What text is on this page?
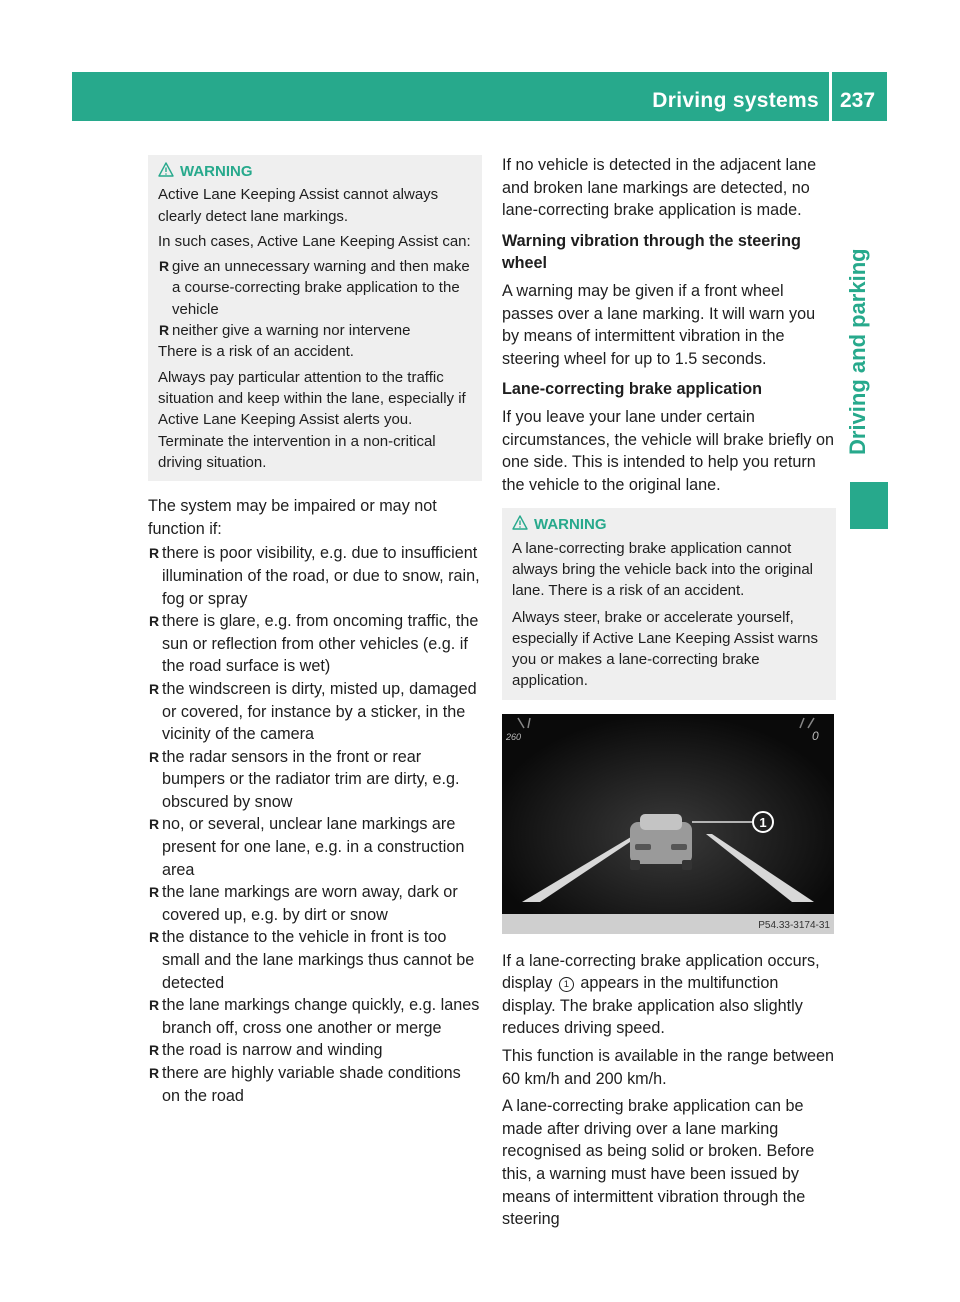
Driving systems 237
Driving and parking
WARNING

Active Lane Keeping Assist cannot always clearly detect lane markings.

In such cases, Active Lane Keeping Assist can:

R give an unnecessary warning and then make a course-correcting brake application to the vehicle
R neither give a warning nor intervene

There is a risk of an accident.

Always pay particular attention to the traffic situation and keep within the lane, especially if Active Lane Keeping Assist alerts you. Terminate the intervention in a non-critical driving situation.

The system may be impaired or may not function if:

R there is poor visibility, e.g. due to insufficient illumination of the road, or due to snow, rain, fog or spray
R there is glare, e.g. from oncoming traffic, the sun or reflection from other vehicles (e.g. if the road surface is wet)
R the windscreen is dirty, misted up, damaged or covered, for instance by a sticker, in the vicinity of the camera
R the radar sensors in the front or rear bumpers or the radiator trim are dirty, e.g. obscured by snow
R no, or several, unclear lane markings are present for one lane, e.g. in a construction area
R the lane markings are worn away, dark or covered up, e.g. by dirt or snow
R the distance to the vehicle in front is too small and the lane markings thus cannot be detected
R the lane markings change quickly, e.g. lanes branch off, cross one another or merge
R the road is narrow and winding
R there are highly variable shade conditions on the road

If no vehicle is detected in the adjacent lane and broken lane markings are detected, no lane-correcting brake application is made.

Warning vibration through the steering wheel

A warning may be given if a front wheel passes over a lane marking. It will warn you by means of intermittent vibration in the steering wheel for up to 1.5 seconds.

Lane-correcting brake application

If you leave your lane under certain circumstances, the vehicle will brake briefly on one side. This is intended to help you return the vehicle to the original lane.

WARNING

A lane-correcting brake application cannot always bring the vehicle back into the original lane. There is a risk of an accident.

Always steer, brake or accelerate yourself, especially if Active Lane Keeping Assist warns you or makes a lane-correcting brake application.

1
260	0
P54.33-3174-31

If a lane-correcting brake application occurs, display 1 appears in the multifunction display. The brake application also slightly reduces driving speed.

This function is available in the range between 60 km/h and 200 km/h.

A lane-correcting brake application can be made after driving over a lane marking recognised as being solid or broken. Before this, a warning must have been issued by means of intermittent vibration through the steering
